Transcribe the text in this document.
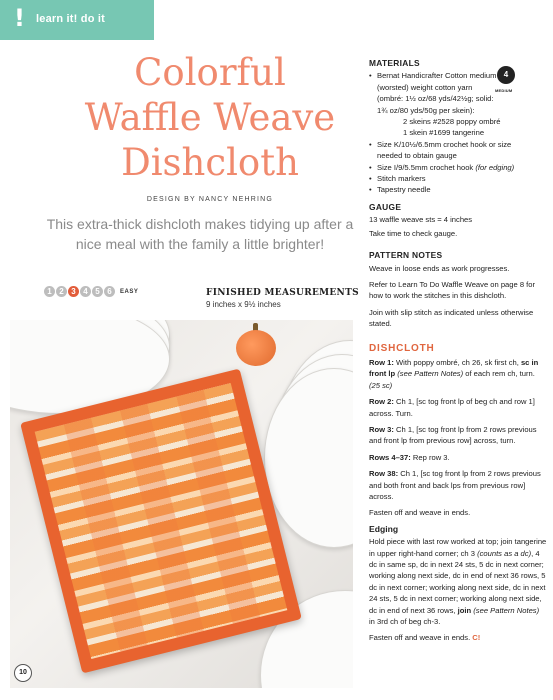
! learn it! do it
Colorful
Waffle Weave
Dishcloth
DESIGN BY NANCY NEHRING
This extra-thick dishcloth makes tidying up after a nice meal with the family a little brighter!
1 2 3 4 5 6	EASY	FINISHED MEASUREMENTS
9 inches x 9½ inches
10
4
MEDIUM
MATERIALS
• Bernat Handicrafter Cotton medium
(worsted) weight cotton yarn
(ombré: 1½ oz/68 yds/42½g; solid:
1¾ oz/80 yds/50g per skein):
2 skeins #2528 poppy ombré
1 skein #1699 tangerine
• Size K/10½/6.5mm crochet hook or size
needed to obtain gauge
• Size I/9/5.5mm crochet hook (for edging)
• Stitch markers
• Tapestry needle
GAUGE

13 waffle weave sts = 4 inches

Take time to check gauge.

PATTERN NOTES

Weave in loose ends as work progresses.

Refer to Learn To Do Waffle Weave on page 8 for how to work the stitches in this dishcloth.

Join with slip stitch as indicated unless otherwise stated.

DISHCLOTH

Row 1: With poppy ombré, ch 26, sk first ch, sc in front lp (see Pattern Notes) of each rem ch, turn. (25 sc)

Row 2: Ch 1, [sc tog front lp of beg ch and row 1] across. Turn.

Row 3: Ch 1, [sc tog front lp from 2 rows previous and front lp from previous row] across, turn.

Rows 4–37: Rep row 3.

Row 38: Ch 1, [sc tog front lp from 2 rows previous and both front and back lps from previous row] across.

Fasten off and weave in ends.

Edging

Hold piece with last row worked at top; join tangerine in upper right-hand corner; ch 3 (counts as a dc), 4 dc in same sp, dc in next 24 sts, 5 dc in next corner; working along next side, dc in end of next 36 rows, 5 dc in next corner; working along next side, dc in next 24 sts, 5 dc in next corner; working along next side, dc in end of next 36 rows, join (see Pattern Notes) in 3rd ch of beg ch-3.

Fasten off and weave in ends. C!
